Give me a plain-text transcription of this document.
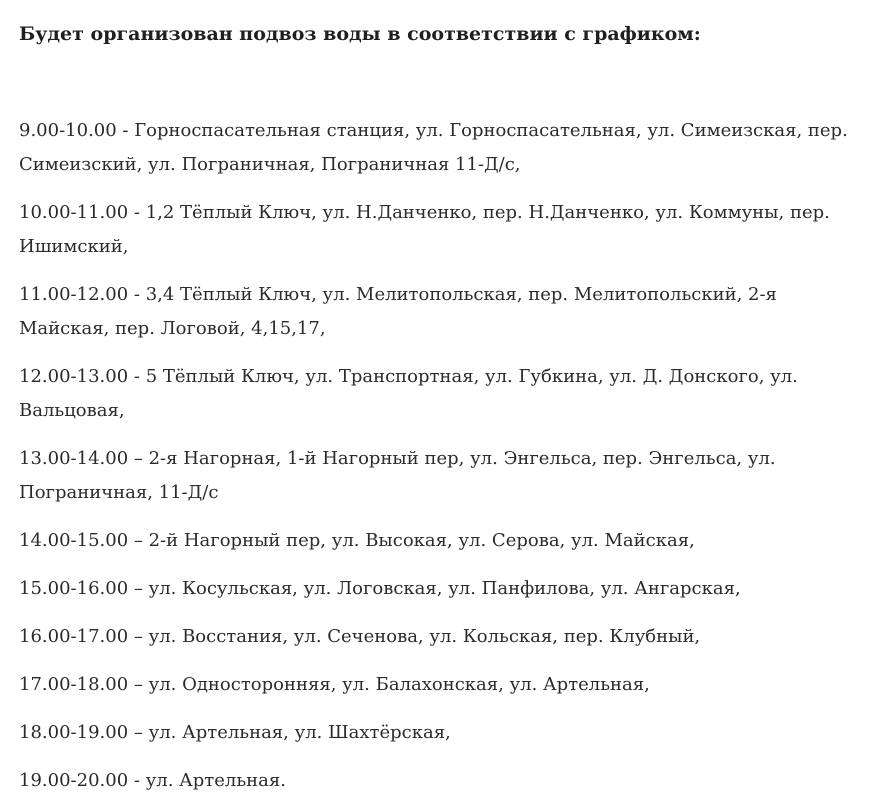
Будет организован подвоз воды в соответствии с графиком:

9.00-10.00 - Горноспасательная станция, ул. Горноспасательная, ул. Симеизская, пер. Симеизский, ул. Пограничная, Пограничная 11-Д/с,
10.00-11.00 - 1,2 Тёплый Ключ, ул. Н.Данченко, пер. Н.Данченко, ул. Коммуны, пер. Ишимский,
11.00-12.00 - 3,4 Тёплый Ключ, ул. Мелитопольская, пер. Мелитопольский, 2-я Майская, пер. Логовой, 4,15,17,
12.00-13.00 - 5 Тёплый Ключ, ул. Транспортная, ул. Губкина, ул. Д. Донского, ул. Вальцовая,
13.00-14.00 – 2-я Нагорная, 1-й Нагорный пер, ул. Энгельса, пер. Энгельса, ул. Пограничная, 11-Д/с
14.00-15.00 – 2-й Нагорный пер, ул. Высокая, ул. Серова, ул. Майская,
15.00-16.00 – ул. Косульская, ул. Логовская, ул. Панфилова, ул. Ангарская,
16.00-17.00 – ул. Восстания, ул. Сеченова, ул. Кольская, пер. Клубный,
17.00-18.00 – ул. Односторонняя, ул. Балахонская, ул. Артельная,
18.00-19.00 – ул. Артельная, ул. Шахтёрская,
19.00-20.00 - ул. Артельная.
